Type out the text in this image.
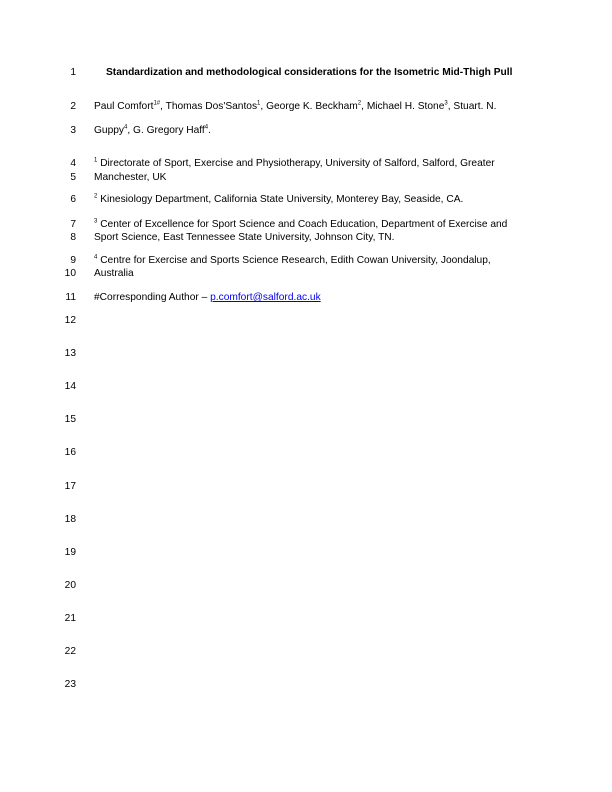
1	Standardization and methodological considerations for the Isometric Mid-Thigh Pull
2 Paul Comfort$^{1\#}$, Thomas Dos'Santos$^1$, George K. Beckham$^2$, Michael H. Stone$^3$, Stuart. N.
3 Guppy$^4$, G. Gregory Haff$^4$.
4	$^1$ Directorate of Sport, Exercise and Physiotherapy, University of Salford, Salford, Greater
5 Manchester, UK
6	$^2$ Kinesiology Department, California State University, Monterey Bay, Seaside, CA.
7	$^3$ Center of Excellence for Sport Science and Coach Education, Department of Exercise and
8 Sport Science, East Tennessee State University, Johnson City, TN.
9	$^4$ Centre for Exercise and Sports Science Research, Edith Cowan University, Joondalup,
10 Australia
11 #Corresponding Author – p.comfort@salford.ac.uk
12
13
14
15
16
17
18
19
20
21
22
23
